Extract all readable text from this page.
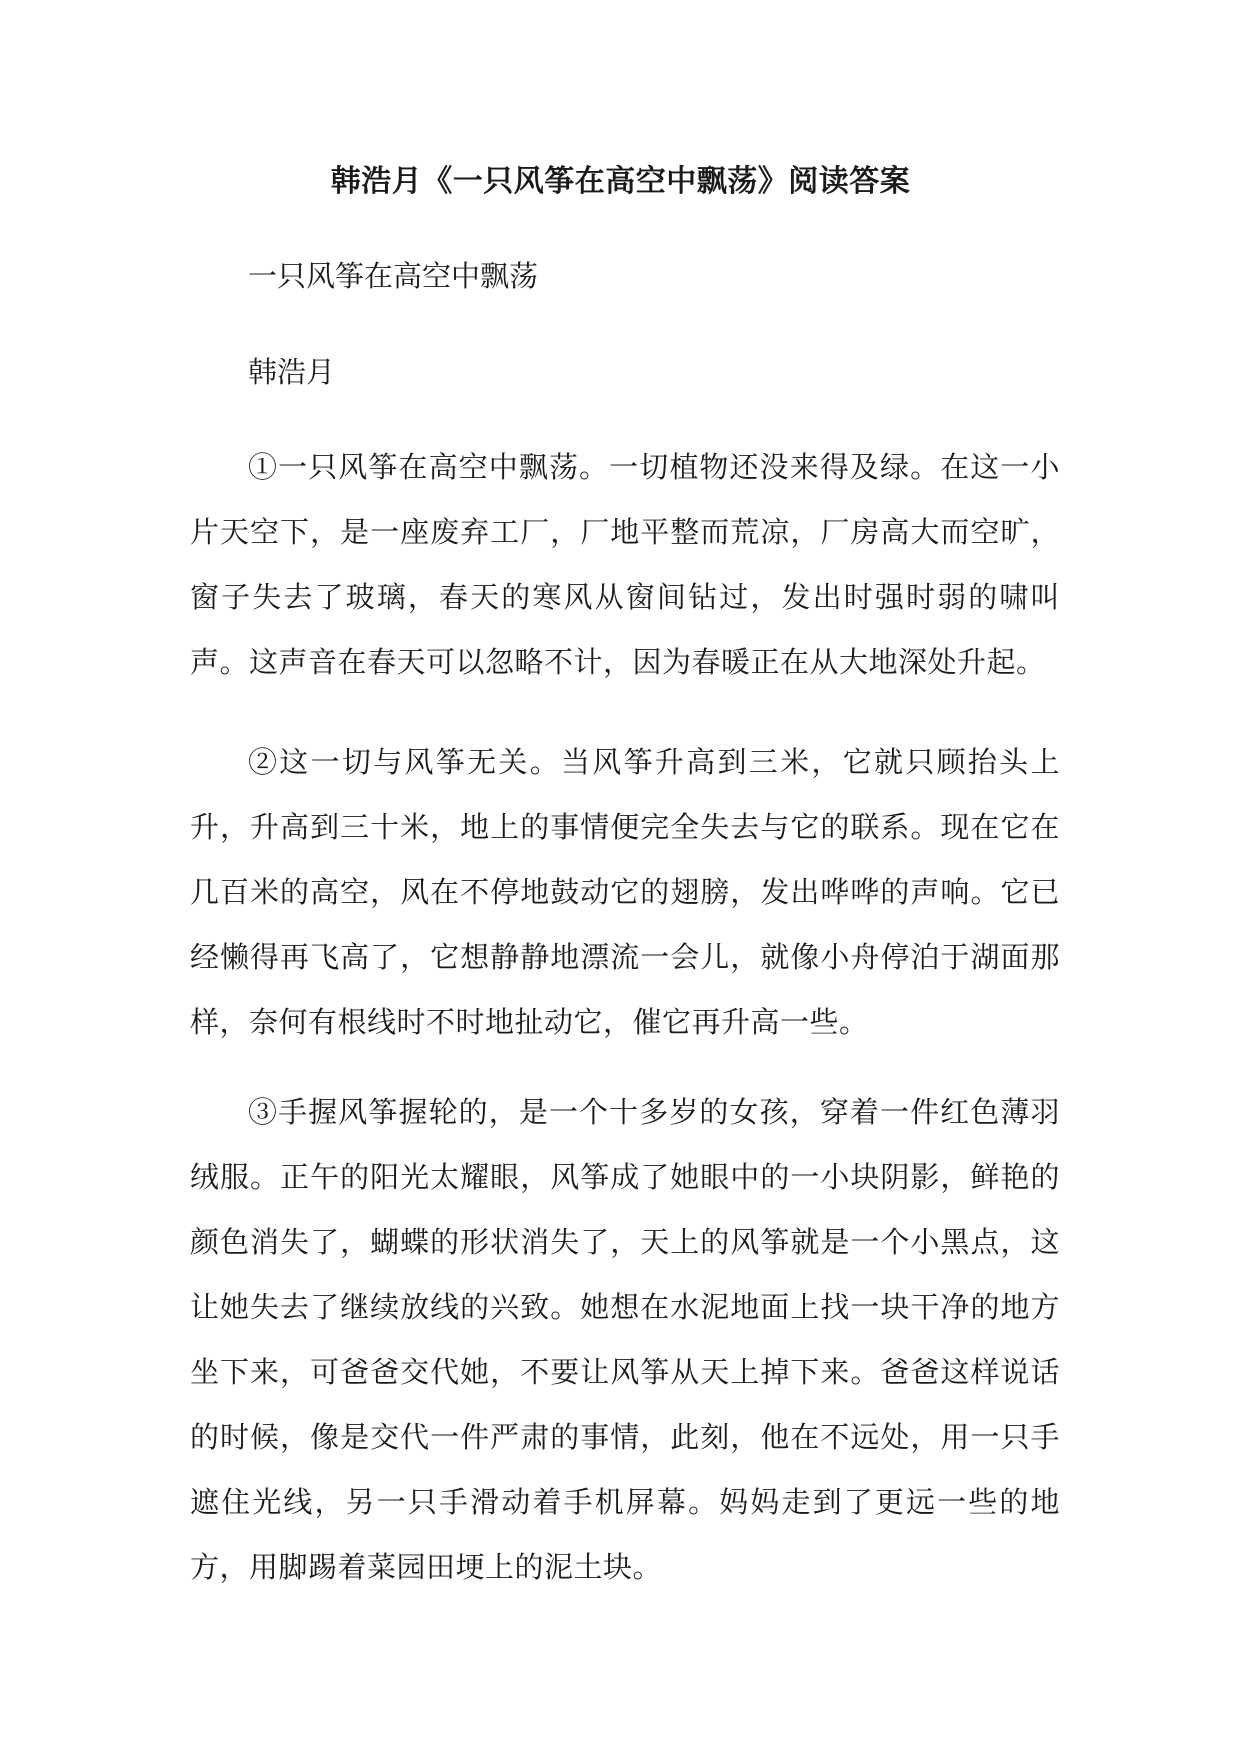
韩浩月《一只风筝在高空中飘荡》阅读答案
一只风筝在高空中飘荡
韩浩月

①一只风筝在高空中飘荡。一切植物还没来得及绿。在这一小片天空下，是一座废弃工厂，厂地平整而荒凉，厂房高大而空旷，窗子失去了玻璃，春天的寒风从窗间钻过，发出时强时弱的啸叫声。这声音在春天可以忽略不计，因为春暖正在从大地深处升起。

②这一切与风筝无关。当风筝升高到三米，它就只顾抬头上升，升高到三十米，地上的事情便完全失去与它的联系。现在它在几百米的高空，风在不停地鼓动它的翅膀，发出哗哗的声响。它已经懒得再飞高了，它想静静地漂流一会儿，就像小舟停泊于湖面那样，奈何有根线时不时地扯动它，催它再升高一些。

③手握风筝握轮的，是一个十多岁的女孩，穿着一件红色薄羽绒服。正午的阳光太耀眼，风筝成了她眼中的一小块阴影，鲜艳的颜色消失了，蝴蝶的形状消失了，天上的风筝就是一个小黑点，这让她失去了继续放线的兴致。她想在水泥地面上找一块干净的地方坐下来，可爸爸交代她，不要让风筝从天上掉下来。爸爸这样说话的时候，像是交代一件严肃的事情，此刻，他在不远处，用一只手遮住光线，另一只手滑动着手机屏幕。妈妈走到了更远一些的地方，用脚踢着菜园田埂上的泥土块。
